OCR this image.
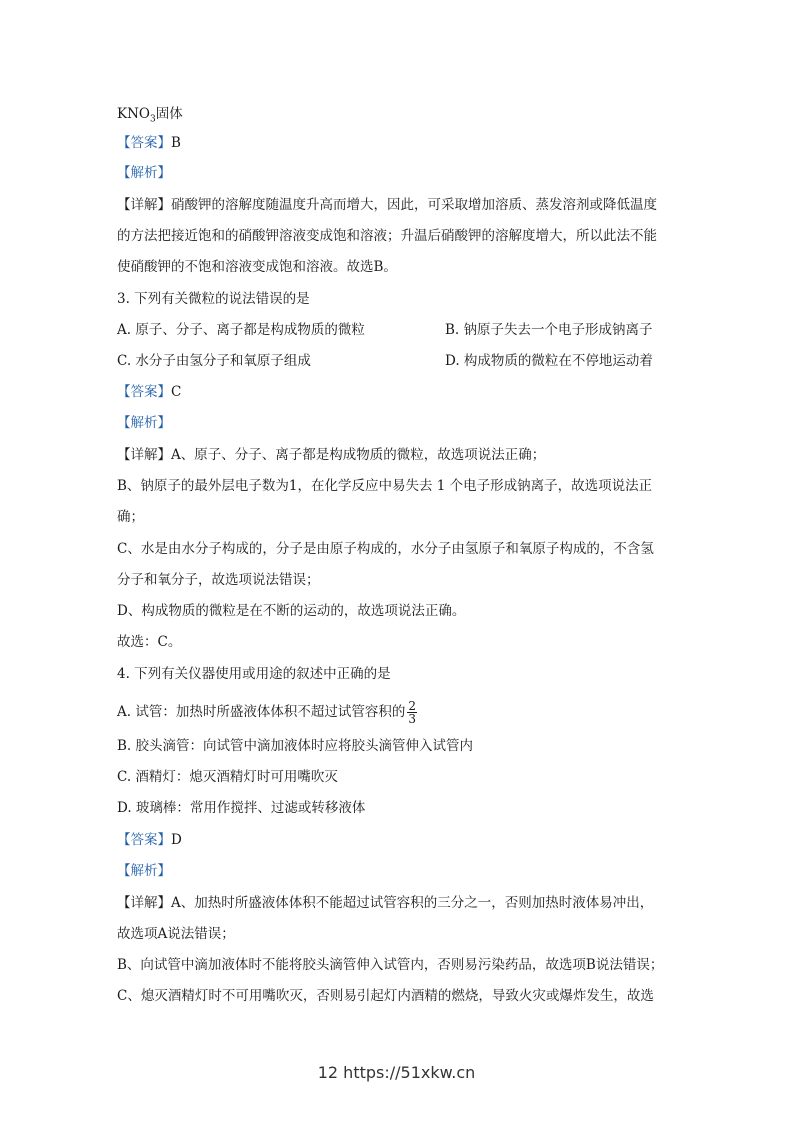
$KNO_3$固体
【答案】B
【解析】
【详解】硝酸钾的溶解度随温度升高而增大，因此，可采取增加溶质、蒸发溶剂或降低温度
的方法把接近饱和的硝酸钾溶液变成饱和溶液；升温后硝酸钾的溶解度增大，所以此法不能
使硝酸钾的不饱和溶液变成饱和溶液。故选B。
3. 下列有关微粒的说法错误的是
A. 原子、分子、离子都是构成物质的微粒	B. 钠原子失去一个电子形成钠离子
C. 水分子由氢分子和氧原子组成	D. 构成物质的微粒在不停地运动着
【答案】C
【解析】
【详解】A、原子、分子、离子都是构成物质的微粒，故选项说法正确；
B、钠原子的最外层电子数为1，在化学反应中易失去 1 个电子形成钠离子，故选项说法正
确；
C、水是由水分子构成的，分子是由原子构成的，水分子由氢原子和氧原子构成的，不含氢
分子和氧分子，故选项说法错误；
D、构成物质的微粒是在不断的运动的，故选项说法正确。
故选：C。
4. 下列有关仪器使用或用途的叙述中正确的是
A. 试管：加热时所盛液体体积不超过试管容积的 $\frac{2}{3}$
B. 胶头滴管：向试管中滴加液体时应将胶头滴管伸入试管内
C. 酒精灯：熄灭酒精灯时可用嘴吹灭
D. 玻璃棒：常用作搅拌、过滤或转移液体
【答案】D
【解析】
【详解】A、加热时所盛液体体积不能超过试管容积的三分之一，否则加热时液体易冲出，
故选项A说法错误；
B、向试管中滴加液体时不能将胶头滴管伸入试管内，否则易污染药品，故选项B说法错误；
C、熄灭酒精灯时不可用嘴吹灭，否则易引起灯内酒精的燃烧，导致火灾或爆炸发生，故选
12 https://51xkw.cn
